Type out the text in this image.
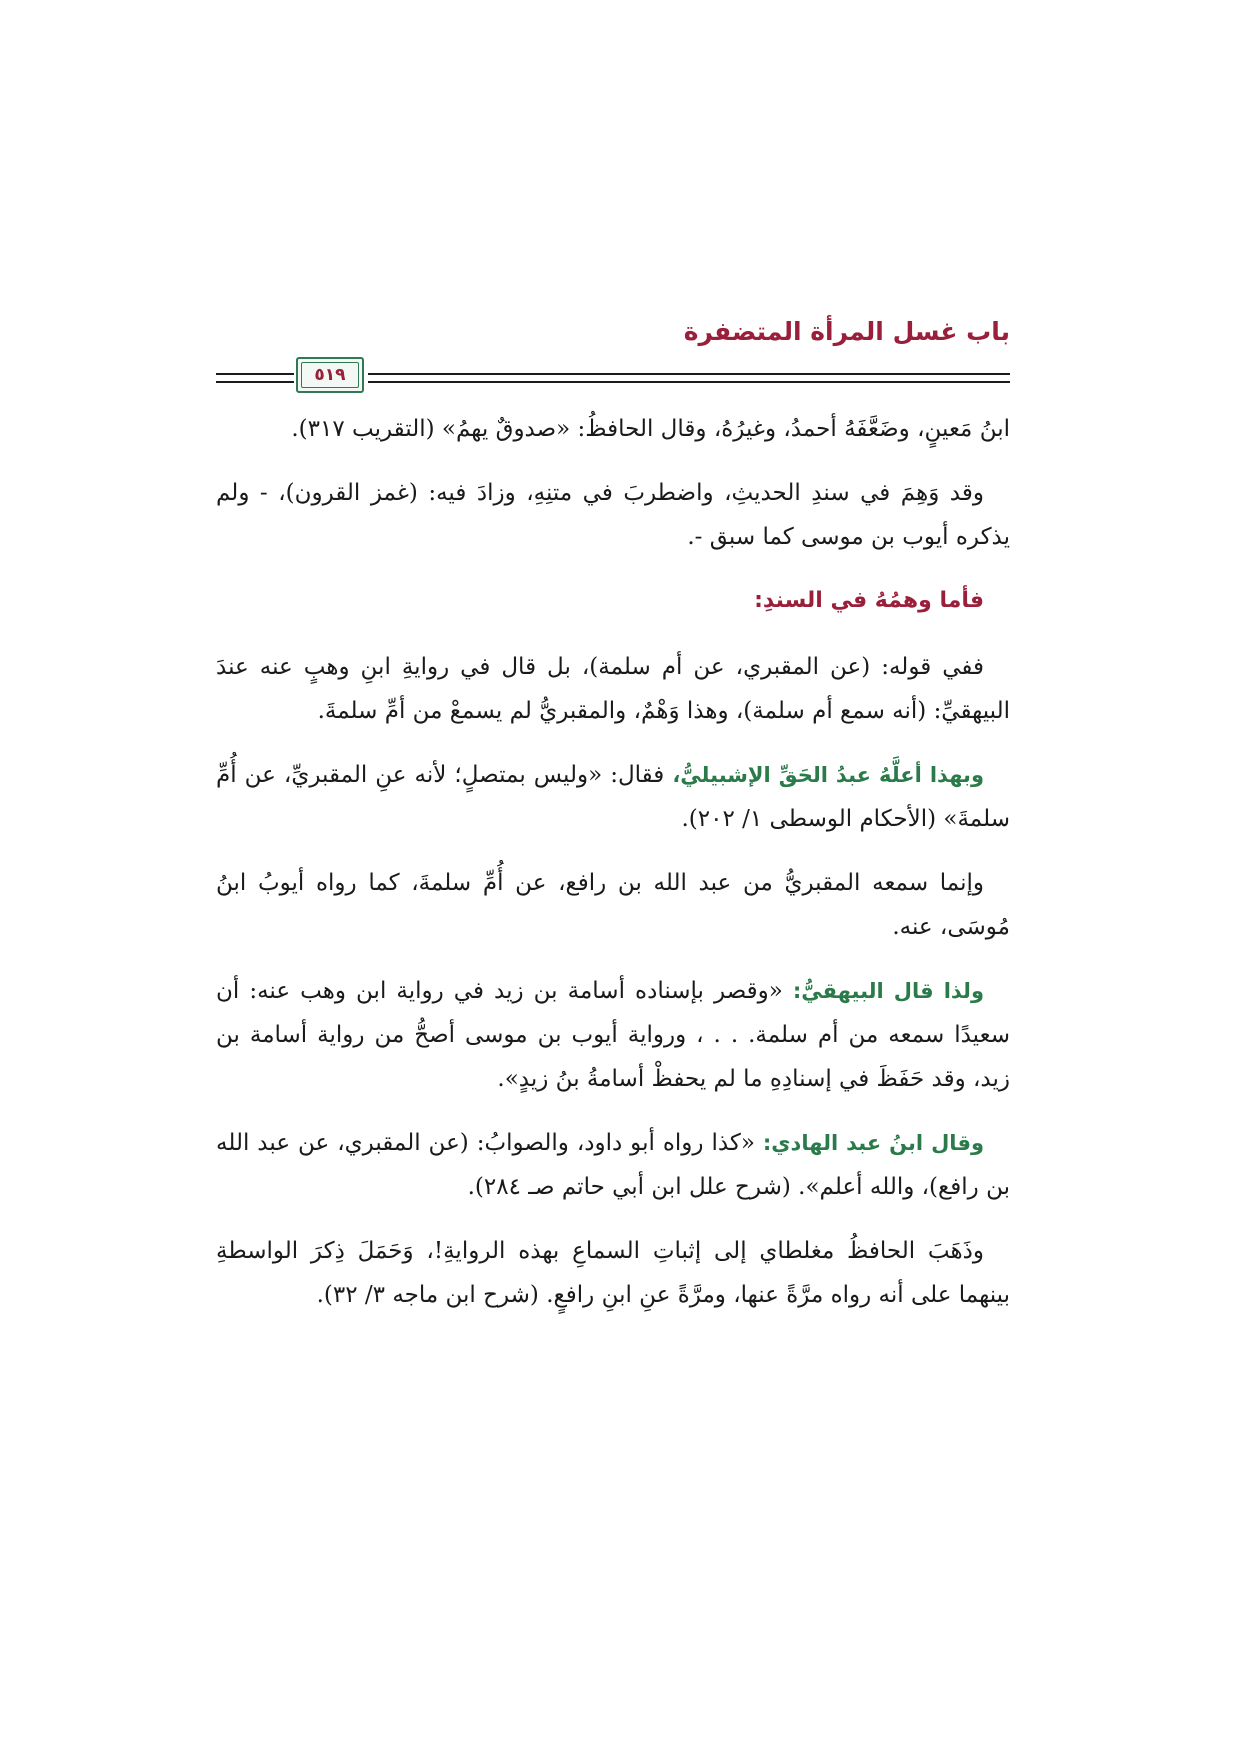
باب غسل المرأة المتضفرة
٥١٩

ابنُ مَعينٍ، وضَعَّفَهُ أحمدُ، وغيرُهُ، وقال الحافظُ: «صدوقٌ يهمُ» (التقريب ٣١٧).

وقد وَهِمَ في سندِ الحديثِ، واضطربَ في متنِهِ، وزادَ فيه: (غمز القرون)، - ولم يذكره أيوب بن موسى كما سبق -.

فأما وهمُهُ في السندِ:

ففي قوله: (عن المقبري، عن أم سلمة)، بل قال في روايةِ ابنِ وهبٍ عنه عندَ البيهقيِّ: (أنه سمع أم سلمة)، وهذا وَهْمٌ، والمقبريُّ لم يسمعْ من أمِّ سلمةَ.

وبهذا أعلَّهُ عبدُ الحَقِّ الإشبيليُّ، فقال: «وليس بمتصلٍ؛ لأنه عنِ المقبريِّ، عن أُمِّ سلمةَ» (الأحكام الوسطى ١/ ٢٠٢).

وإنما سمعه المقبريُّ من عبد الله بن رافع، عن أُمِّ سلمةَ، كما رواه أيوبُ ابنُ مُوسَى، عنه.

ولذا قال البيهقيُّ: «وقصر بإسناده أسامة بن زيد في رواية ابن وهب عنه: أن سعيدًا سمعه من أم سلمة. . . ، ورواية أيوب بن موسى أصحُّ من رواية أسامة بن زيد، وقد حَفَظَ في إسنادِهِ ما لم يحفظْ أسامةُ بنُ زيدٍ».

وقال ابنُ عبد الهادي: «كذا رواه أبو داود، والصوابُ: (عن المقبري، عن عبد الله بن رافع)، والله أعلم». (شرح علل ابن أبي حاتم صـ ٢٨٤).

وذَهَبَ الحافظُ مغلطاي إلى إثباتِ السماعِ بهذه الروايةِ!، وَحَمَلَ ذِكرَ الواسطةِ بينهما على أنه رواه مرَّةً عنها، ومرَّةً عنِ ابنِ رافعٍ. (شرح ابن ماجه ٣/ ٣٢).
